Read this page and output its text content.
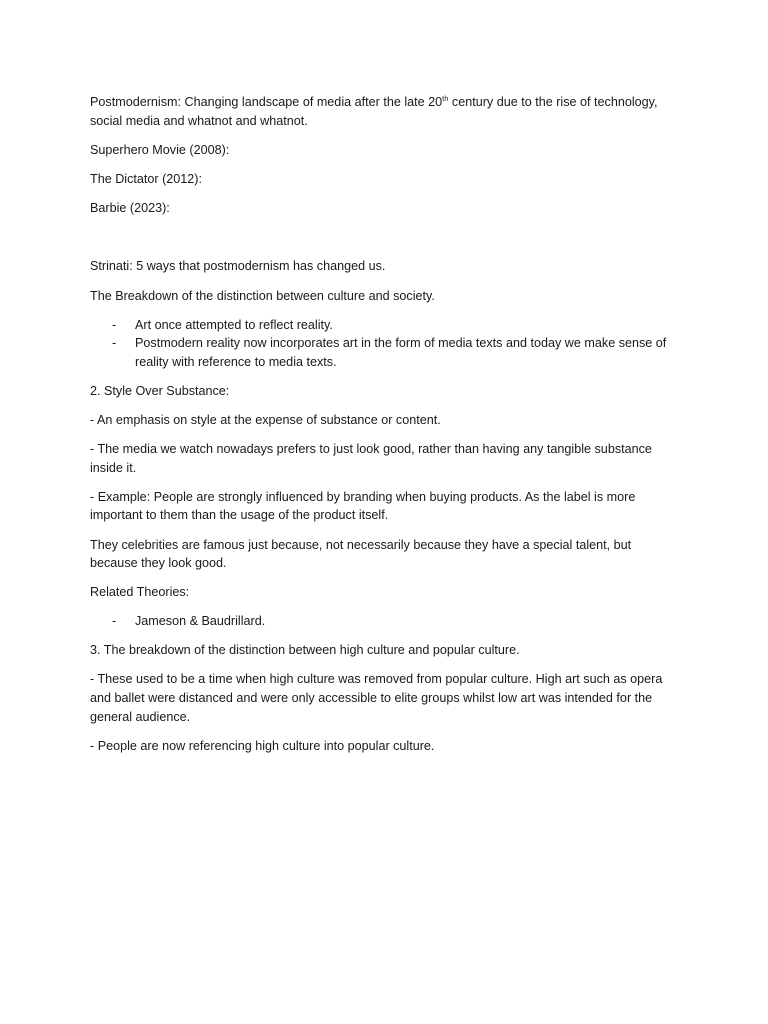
Postmodernism: Changing landscape of media after the late 20th century due to the rise of technology, social media and whatnot and whatnot.

Superhero Movie (2008):

The Dictator (2012):

Barbie (2023):

Strinati: 5 ways that postmodernism has changed us.

The Breakdown of the distinction between culture and society.

- Art once attempted to reflect reality.
- Postmodern reality now incorporates art in the form of media texts and today we make sense of reality with reference to media texts.

2. Style Over Substance:

- An emphasis on style at the expense of substance or content.

- The media we watch nowadays prefers to just look good, rather than having any tangible substance inside it.

- Example: People are strongly influenced by branding when buying products. As the label is more important to them than the usage of the product itself.

They celebrities are famous just because, not necessarily because they have a special talent, but because they look good.

Related Theories:

- Jameson & Baudrillard.

3. The breakdown of the distinction between high culture and popular culture.

- These used to be a time when high culture was removed from popular culture. High art such as opera and ballet were distanced and were only accessible to elite groups whilst low art was intended for the general audience.

- People are now referencing high culture into popular culture.
